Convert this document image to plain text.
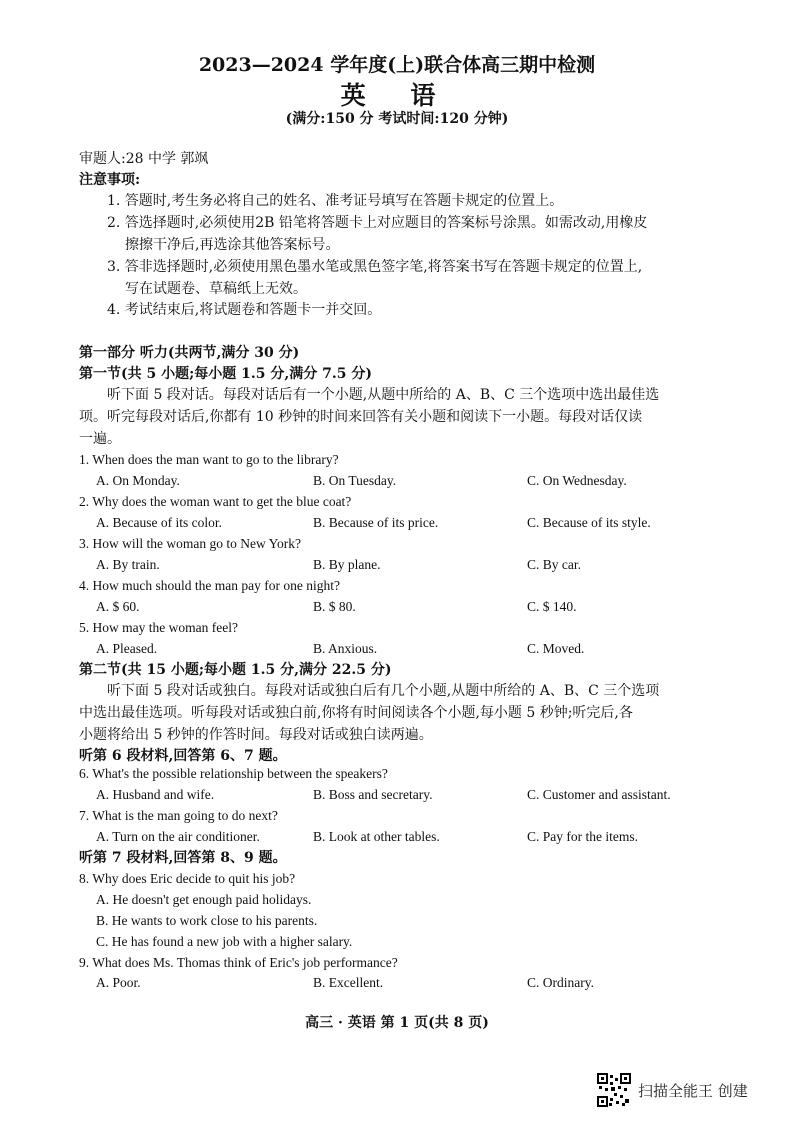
2023—2024 学年度(上)联合体高三期中检测
英 语
(满分:150 分 考试时间:120 分钟)
审题人:28 中学 郭飒
注意事项:
1. 答题时,考生务必将自己的姓名、准考证号填写在答题卡规定的位置上。
2. 答选择题时,必须使用2B 铅笔将答题卡上对应题目的答案标号涂黑。如需改动,用橡皮
擦擦干净后,再选涂其他答案标号。
3. 答非选择题时,必须使用黑色墨水笔或黑色签字笔,将答案书写在答题卡规定的位置上,
写在试题卷、草稿纸上无效。
4. 考试结束后,将试题卷和答题卡一并交回。
第一部分 听力(共两节,满分 30 分)
第一节(共 5 小题;每小题 1.5 分,满分 7.5 分)
听下面 5 段对话。每段对话后有一个小题,从题中所给的 A、B、C 三个选项中选出最佳选
项。听完每段对话后,你都有 10 秒钟的时间来回答有关小题和阅读下一小题。每段对话仅读
一遍。
1. When does the man want to go to the library?
A. On Monday.	B. On Tuesday.	C. On Wednesday.
2. Why does the woman want to get the blue coat?
A. Because of its color.	B. Because of its price.	C. Because of its style.
3. How will the woman go to New York?
A. By train.	B. By plane.	C. By car.
4. How much should the man pay for one night?
A. $ 60.	B. $ 80.	C. $ 140.
5. How may the woman feel?
A. Pleased.	B. Anxious.	C. Moved.
第二节(共 15 小题;每小题 1.5 分,满分 22.5 分)
听下面 5 段对话或独白。每段对话或独白后有几个小题,从题中所给的 A、B、C 三个选项
中选出最佳选项。听每段对话或独白前,你将有时间阅读各个小题,每小题 5 秒钟;听完后,各
小题将给出 5 秒钟的作答时间。每段对话或独白读两遍。
听第 6 段材料,回答第 6、7 题。
6. What's the possible relationship between the speakers?
A. Husband and wife.	B. Boss and secretary.	C. Customer and assistant.
7. What is the man going to do next?
A. Turn on the air conditioner.	B. Look at other tables.	C. Pay for the items.
听第 7 段材料,回答第 8、9 题。
8. Why does Eric decide to quit his job?
A. He doesn't get enough paid holidays.
B. He wants to work close to his parents.
C. He has found a new job with a higher salary.
9. What does Ms. Thomas think of Eric's job performance?
A. Poor.	B. Excellent.	C. Ordinary.
高三 · 英语 第 1 页(共 8 页)
扫描全能王 创建
